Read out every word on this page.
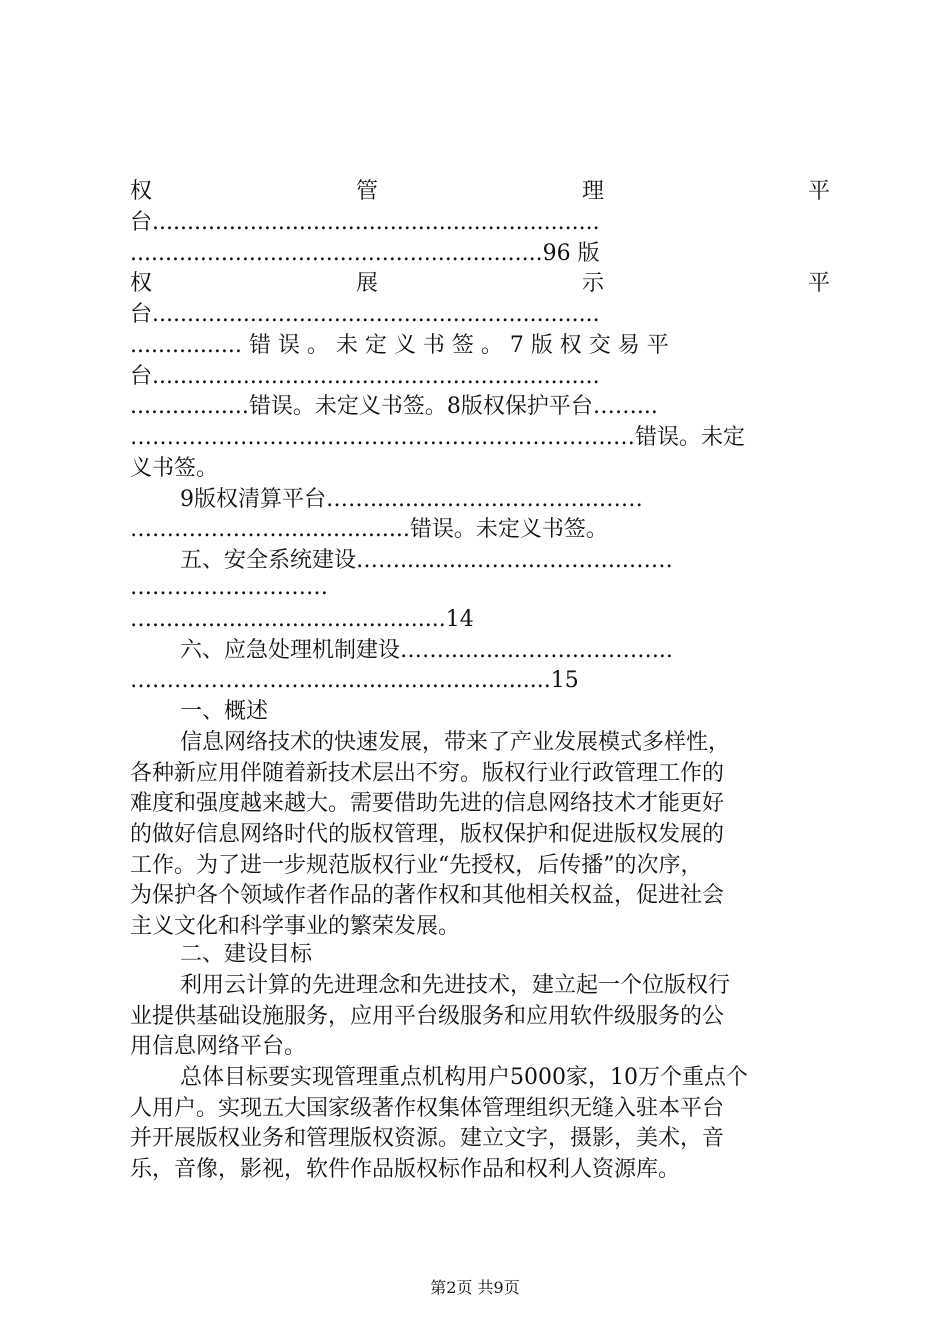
权	管	理	平
台................................................................
...........................................................96 版
权	展	示	平
台................................................................
................ 错 误 。 未 定 义 书 签 。 7 版 权 交 易 平
台................................................................
.................错误。未定义书签。8版权保护平台……...
……………………...……………………………………错误。未定
义书签。
9版权清算平台……...........……...………...……
…………………..................错误。未定义书签。
五、安全系统建设……...........……...………...……
………………………
…..........................................14
六、应急处理机制建设……...........……...………...
……………………...................................15
一、概述
信息网络技术的快速发展，带来了产业发展模式多样性，
各种新应用伴随着新技术层出不穷。版权行业行政管理工作的
难度和强度越来越大。需要借助先进的信息网络技术才能更好
的做好信息网络时代的版权管理，版权保护和促进版权发展的
工作。为了进一步规范版权行业“先授权，后传播”的次序，
为保护各个领域作者作品的著作权和其他相关权益，促进社会
主义文化和科学事业的繁荣发展。
二、建设目标
利用云计算的先进理念和先进技术，建立起一个位版权行
业提供基础设施服务，应用平台级服务和应用软件级服务的公
用信息网络平台。
总体目标要实现管理重点机构用户5000家，10万个重点个
人用户。实现五大国家级著作权集体管理组织无缝入驻本平台
并开展版权业务和管理版权资源。建立文字，摄影，美术，音
乐，音像，影视，软件作品版权标作品和权利人资源库。
第2页 共9页
